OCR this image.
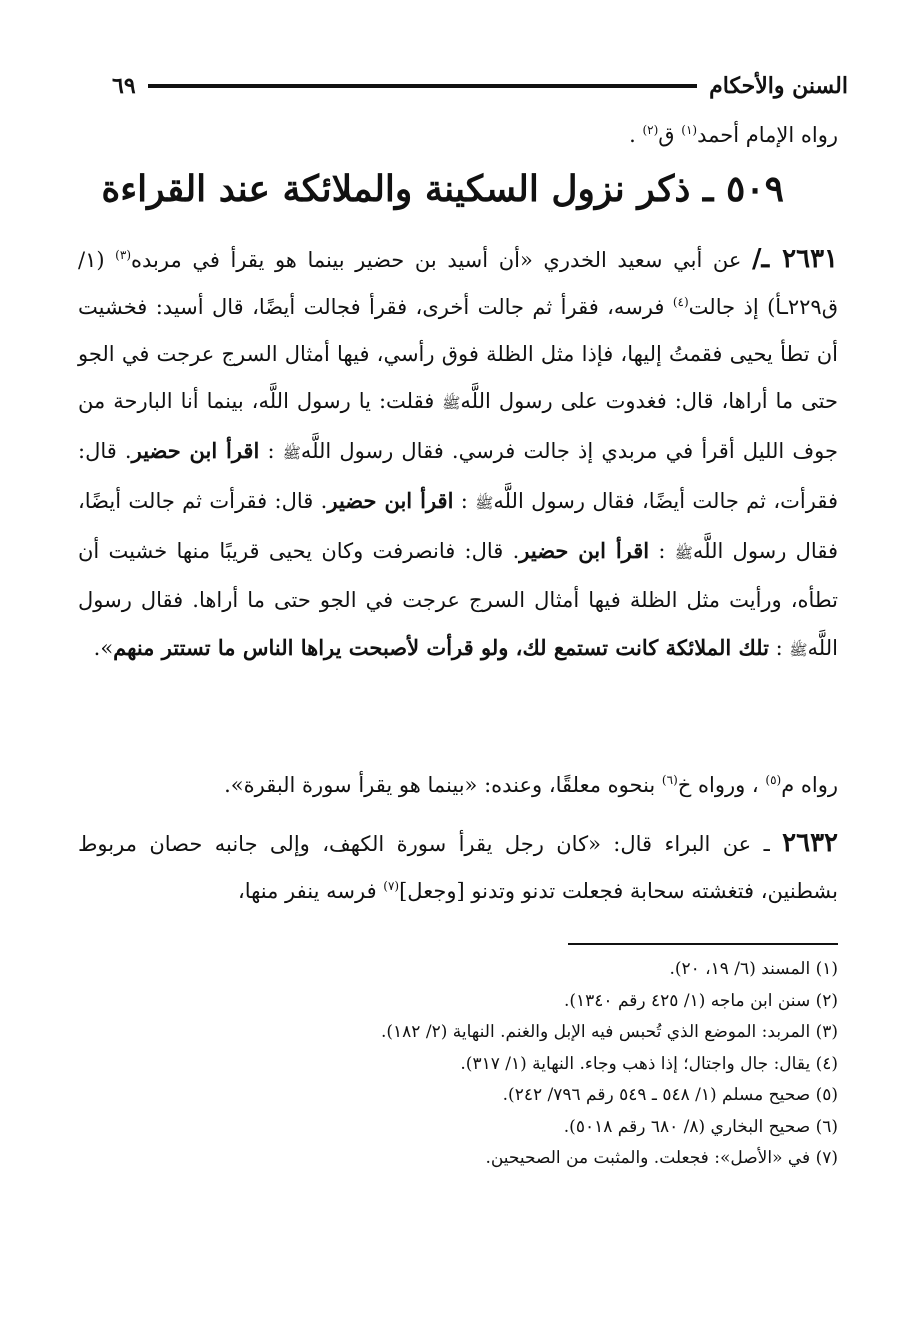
السنن والأحكام
٦٩
رواه الإمام أحمد$^{(١)}$ ق$^{(٢)}$ .
٥٠٩ ـ ذكر نزول السكينة والملائكة عند القراءة
٢٦٣١ ـ/ عن أبي سعيد الخدري «أن أسيد بن حضير بينما هو يقرأ في مربده$^{(٣)}$ (١/ق٢٢٩ـأ) إذ جالت$^{(٤)}$ فرسه، فقرأ ثم جالت أخرى، فقرأ فجالت أيضًا، قال أسيد: فخشيت أن تطأ يحيى فقمتُ إليها، فإذا مثل الظلة فوق رأسي، فيها أمثال السرج عرجت في الجو حتى ما أراها، قال: فغدوت على رسول اللَّهﷺ فقلت: يا رسول اللَّه، بينما أنا البارحة من جوف الليل أقرأ في مربدي إذ جالت فرسي. فقال رسول اللَّهﷺ : اقرأ ابن حضير. قال: فقرأت، ثم جالت أيضًا، فقال رسول اللَّهﷺ : اقرأ ابن حضير. قال: فقرأت ثم جالت أيضًا، فقال رسول اللَّهﷺ : اقرأ ابن حضير. قال: فانصرفت وكان يحيى قريبًا منها خشيت أن تطأه، ورأيت مثل الظلة فيها أمثال السرج عرجت في الجو حتى ما أراها. فقال رسول اللَّهﷺ : تلك الملائكة كانت تستمع لك، ولو قرأت لأصبحت يراها الناس ما تستتر منهم».
رواه م$^{(٥)}$ ، ورواه خ$^{(٦)}$ بنحوه معلقًا، وعنده: «بينما هو يقرأ سورة البقرة».
٢٦٣٢ ـ عن البراء قال: «كان رجل يقرأ سورة الكهف، وإلى جانبه حصان مربوط بشطنين، فتغشته سحابة فجعلت تدنو وتدنو [وجعل]$^{(٧)}$ فرسه ينفر منها،
(١) المسند (٦/ ١٩، ٢٠).
(٢) سنن ابن ماجه (١/ ٤٢٥ رقم ١٣٤٠).
(٣) المربد: الموضع الذي تُحبس فيه الإبل والغنم. النهاية (٢/ ١٨٢).
(٤) يقال: جال واجتال؛ إذا ذهب وجاء. النهاية (١/ ٣١٧).
(٥) صحيح مسلم (١/ ٥٤٨ ـ ٥٤٩ رقم ٧٩٦/ ٢٤٢).
(٦) صحيح البخاري (٨/ ٦٨٠ رقم ٥٠١٨).
(٧) في «الأصل»: فجعلت. والمثبت من الصحيحين.
